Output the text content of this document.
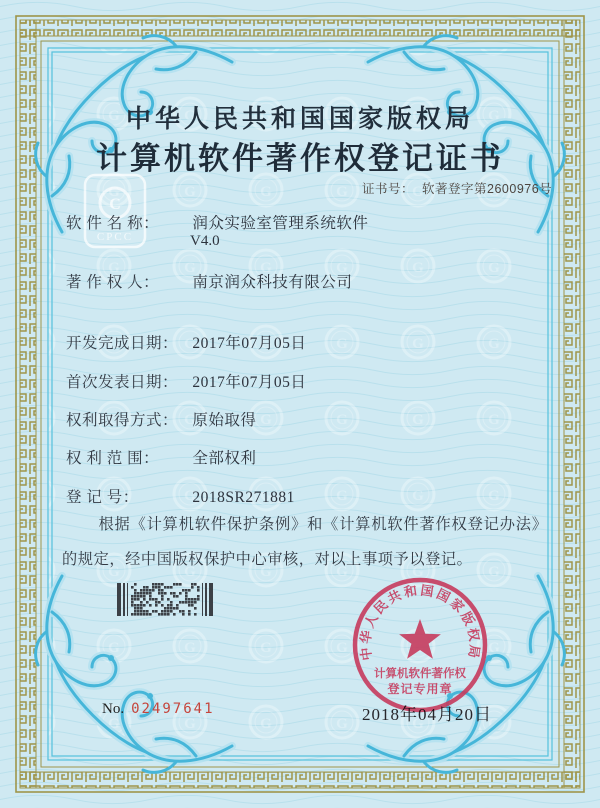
C
CPCC
中华人民共和国国家版权局
计算机软件著作权登记证书
证书号： 软著登字第2600976号
软 件 名 称： 润众实验室管理系统软件
V4.0
著 作 权 人： 南京润众科技有限公司
开发完成日期： 2017年07月05日
首次发表日期： 2017年07月05日
权利取得方式： 原始取得
权 利 范 围： 全部权利
登 记 号：	2018SR271881
根据《计算机软件保护条例》和《计算机软件著作权登记办法》的规定，经中国版权保护中心审核，对以上事项予以登记。
2018年04月20日
No. 02497641
中华人民共和国国家版权局
计算机软件著作权
登记专用章
